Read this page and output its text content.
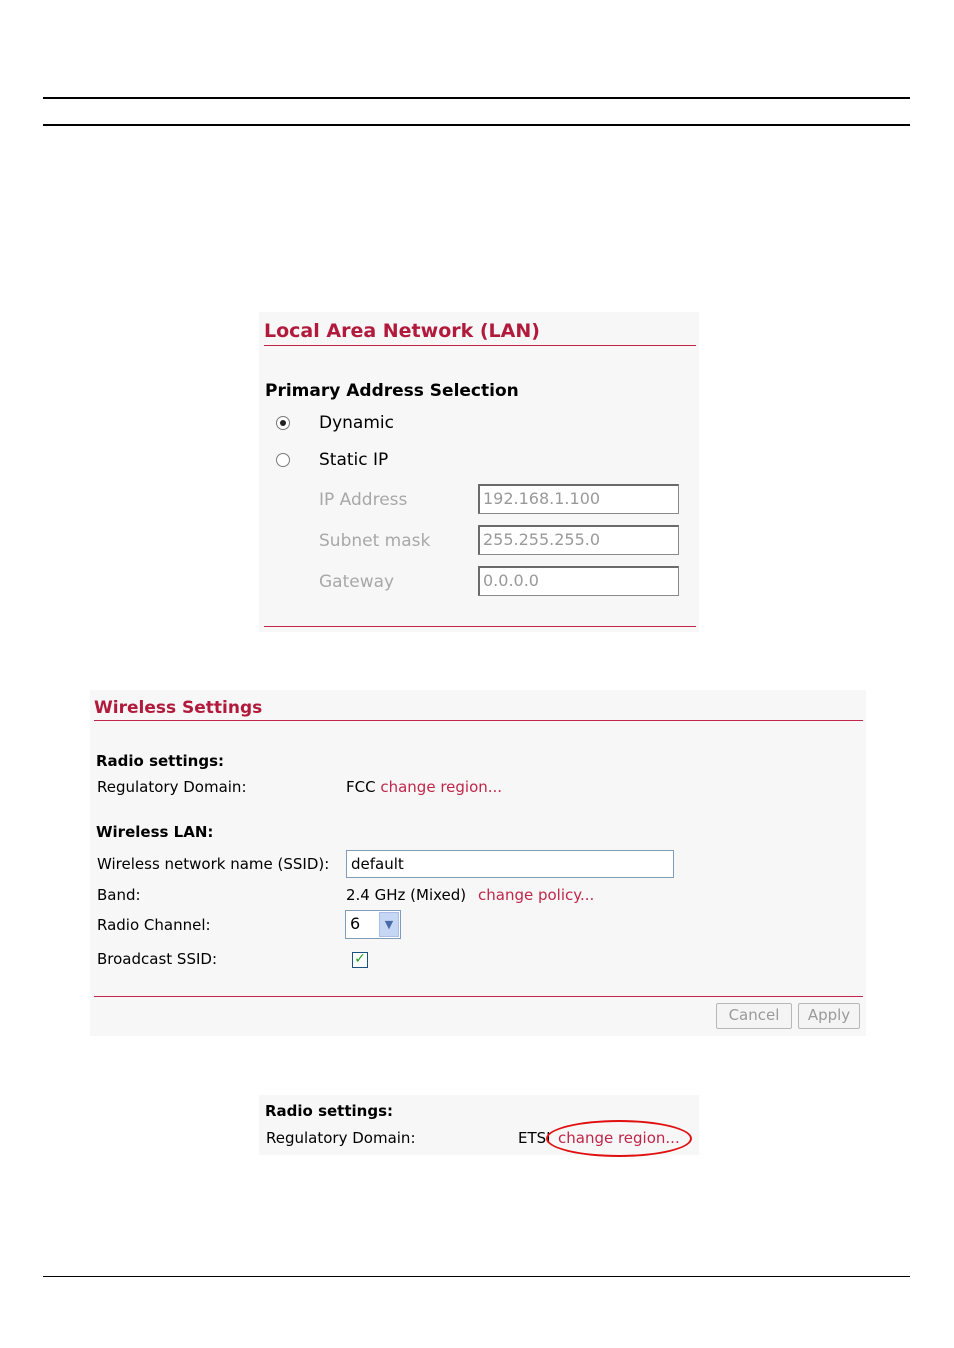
Local Area Network (LAN)
Primary Address Selection
Dynamic
Static IP
IP Address	192.168.1.100
Subnet mask	255.255.255.0
Gateway	0.0.0.0
Wireless Settings
Radio settings:
Regulatory Domain:	FCC change region...
Wireless LAN:
Wireless network name (SSID):	default
Band:	2.4 GHz (Mixed) change policy...
Radio Channel:	6	▼
Broadcast SSID:	✓
Cancel	Apply
Radio settings:
Regulatory Domain:	ETSI change region...
